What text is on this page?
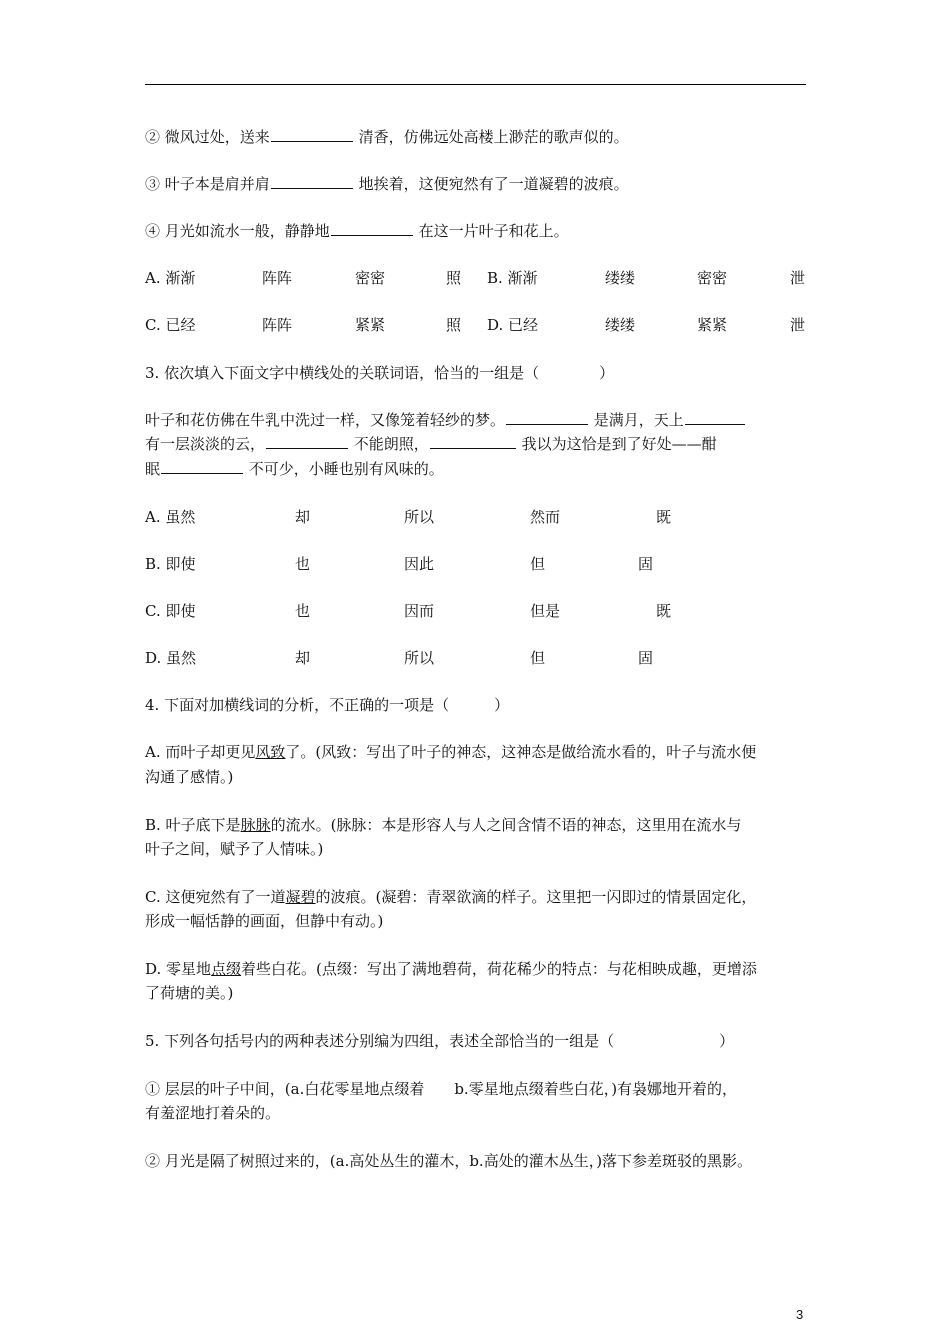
② 微风过处，送来	清香，仿佛远处高楼上渺茫的歌声似的。
③ 叶子本是肩并肩	地挨着，这便宛然有了一道凝碧的波痕。
④ 月光如流水一般，静静地	在这一片叶子和花上。
A. 渐渐	阵阵	密密	照 B. 渐渐	缕缕	密密	泄
C. 已经	阵阵	紧紧	照 D. 已经	缕缕	紧紧	泄
3. 依次填入下面文字中横线处的关联词语，恰当的一组是（　　　　）
叶子和花仿佛在牛乳中洗过一样，又像笼着轻纱的梦。	是满月，天上
有一层淡淡的云，	不能朗照，	我以为这恰是到了好处——酣
眠	不可少，小睡也别有风味的。
A. 虽然	却	所以	然而	既
B. 即使	也	因此	但	固
C. 即使	也	因而	但是	既
D. 虽然	却	所以	但	固
4. 下面对加横线词的分析，不正确的一项是（　　　）
A. 而叶子却更见风致了。(风致：写出了叶子的神态，这神态是做给流水看的，叶子与流水便
沟通了感情。)
B. 叶子底下是脉脉的流水。(脉脉：本是形容人与人之间含情不语的神态，这里用在流水与
叶子之间，赋予了人情味。)
C. 这便宛然有了一道凝碧的波痕。(凝碧：青翠欲滴的样子。这里把一闪即过的情景固定化，
形成一幅恬静的画面，但静中有动。)
D. 零星地点缀着些白花。(点缀：写出了满地碧荷，荷花稀少的特点：与花相映成趣，更增添
了荷塘的美。)
5. 下列各句括号内的两种表述分别编为四组，表述全部恰当的一组是（　　　　　　　）
① 层层的叶子中间，(a.白花零星地点缀着　　b.零星地点缀着些白花，)有袅娜地开着的，
有羞涩地打着朵的。
② 月光是隔了树照过来的，(a.高处丛生的灌木，b.高处的灌木丛生，)落下参差斑驳的黑影。
3
